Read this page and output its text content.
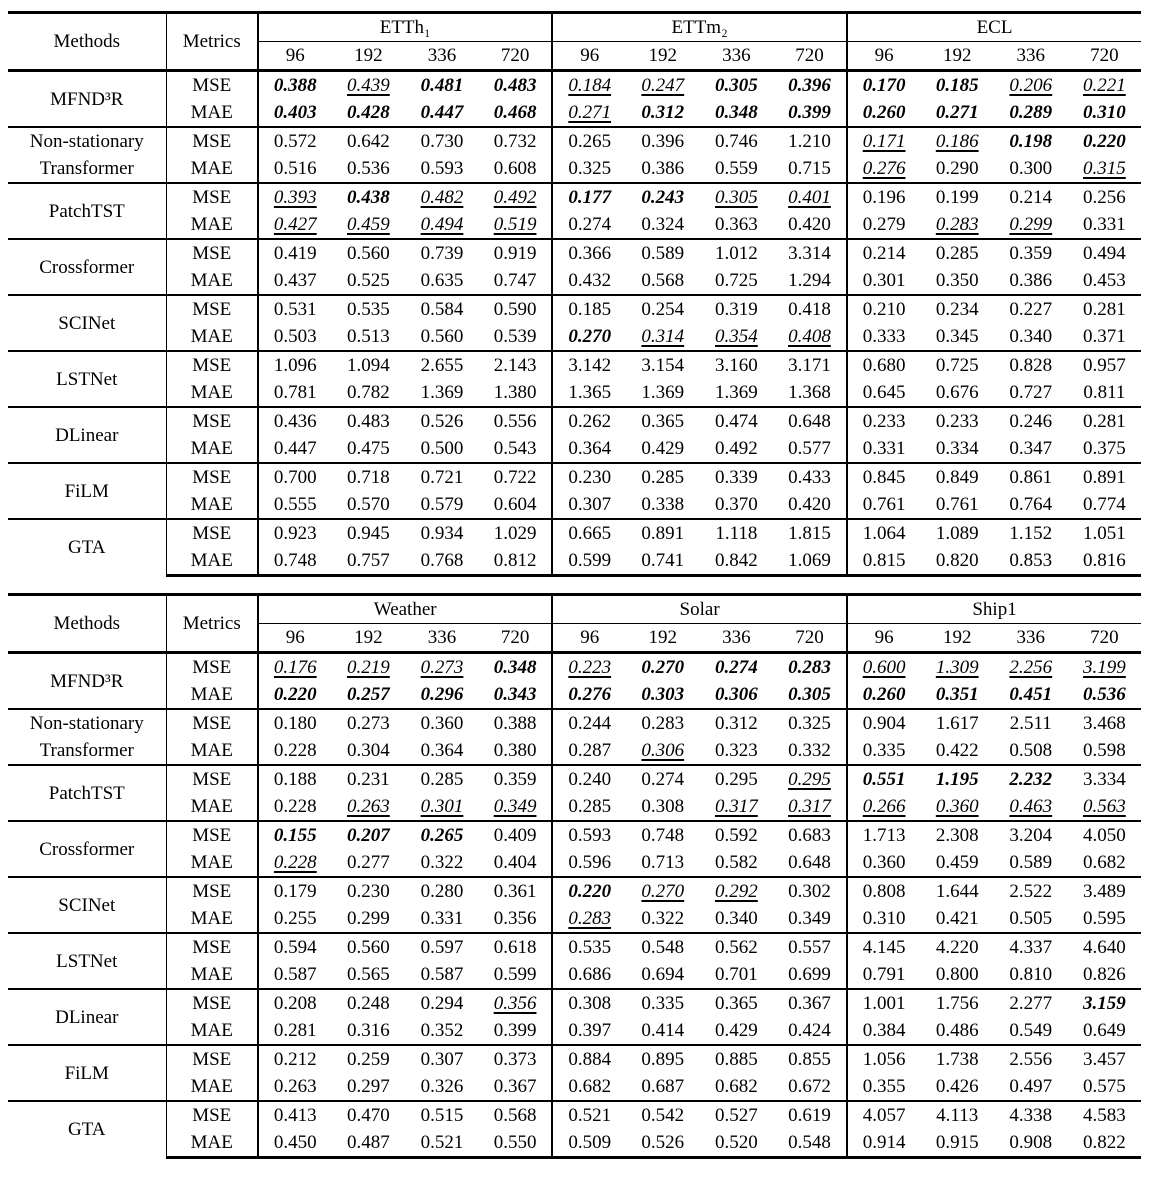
Methods	Metrics	ETTh₁				ETTm₂				ECL			
		96	192	336	720	96	192	336	720	96	192	336	720
MFND³R	MSE	0.388	0.439	0.481	0.483	0.184	0.247	0.305	0.396	0.170	0.185	0.206	0.221
	MAE	0.403	0.428	0.447	0.468	0.271	0.312	0.348	0.399	0.260	0.271	0.289	0.310
Non-stationary Transformer	MSE	0.572	0.642	0.730	0.732	0.265	0.396	0.746	1.210	0.171	0.186	0.198	0.220
	MAE	0.516	0.536	0.593	0.608	0.325	0.386	0.559	0.715	0.276	0.290	0.300	0.315
PatchTST	MSE	0.393	0.438	0.482	0.492	0.177	0.243	0.305	0.401	0.196	0.199	0.214	0.256
	MAE	0.427	0.459	0.494	0.519	0.274	0.324	0.363	0.420	0.279	0.283	0.299	0.331
Crossformer	MSE	0.419	0.560	0.739	0.919	0.366	0.589	1.012	3.314	0.214	0.285	0.359	0.494
	MAE	0.437	0.525	0.635	0.747	0.432	0.568	0.725	1.294	0.301	0.350	0.386	0.453
SCINet	MSE	0.531	0.535	0.584	0.590	0.185	0.254	0.319	0.418	0.210	0.234	0.227	0.281
	MAE	0.503	0.513	0.560	0.539	0.270	0.314	0.354	0.408	0.333	0.345	0.340	0.371
LSTNet	MSE	1.096	1.094	2.655	2.143	3.142	3.154	3.160	3.171	0.680	0.725	0.828	0.957
	MAE	0.781	0.782	1.369	1.380	1.365	1.369	1.369	1.368	0.645	0.676	0.727	0.811
DLinear	MSE	0.436	0.483	0.526	0.556	0.262	0.365	0.474	0.648	0.233	0.233	0.246	0.281
	MAE	0.447	0.475	0.500	0.543	0.364	0.429	0.492	0.577	0.331	0.334	0.347	0.375
FiLM	MSE	0.700	0.718	0.721	0.722	0.230	0.285	0.339	0.433	0.845	0.849	0.861	0.891
	MAE	0.555	0.570	0.579	0.604	0.307	0.338	0.370	0.420	0.761	0.761	0.764	0.774
GTA	MSE	0.923	0.945	0.934	1.029	0.665	0.891	1.118	1.815	1.064	1.089	1.152	1.051
	MAE	0.748	0.757	0.768	0.812	0.599	0.741	0.842	1.069	0.815	0.820	0.853	0.816
Methods	Metrics	Weather				Solar				Ship1			
		96	192	336	720	96	192	336	720	96	192	336	720
MFND³R	MSE	0.176	0.219	0.273	0.348	0.223	0.270	0.274	0.283	0.600	1.309	2.256	3.199
	MAE	0.220	0.257	0.296	0.343	0.276	0.303	0.306	0.305	0.260	0.351	0.451	0.536
Non-stationary Transformer	MSE	0.180	0.273	0.360	0.388	0.244	0.283	0.312	0.325	0.904	1.617	2.511	3.468
	MAE	0.228	0.304	0.364	0.380	0.287	0.306	0.323	0.332	0.335	0.422	0.508	0.598
PatchTST	MSE	0.188	0.231	0.285	0.359	0.240	0.274	0.295	0.295	0.551	1.195	2.232	3.334
	MAE	0.228	0.263	0.301	0.349	0.285	0.308	0.317	0.317	0.266	0.360	0.463	0.563
Crossformer	MSE	0.155	0.207	0.265	0.409	0.593	0.748	0.592	0.683	1.713	2.308	3.204	4.050
	MAE	0.228	0.277	0.322	0.404	0.596	0.713	0.582	0.648	0.360	0.459	0.589	0.682
SCINet	MSE	0.179	0.230	0.280	0.361	0.220	0.270	0.292	0.302	0.808	1.644	2.522	3.489
	MAE	0.255	0.299	0.331	0.356	0.283	0.322	0.340	0.349	0.310	0.421	0.505	0.595
LSTNet	MSE	0.594	0.560	0.597	0.618	0.535	0.548	0.562	0.557	4.145	4.220	4.337	4.640
	MAE	0.587	0.565	0.587	0.599	0.686	0.694	0.701	0.699	0.791	0.800	0.810	0.826
DLinear	MSE	0.208	0.248	0.294	0.356	0.308	0.335	0.365	0.367	1.001	1.756	2.277	3.159
	MAE	0.281	0.316	0.352	0.399	0.397	0.414	0.429	0.424	0.384	0.486	0.549	0.649
FiLM	MSE	0.212	0.259	0.307	0.373	0.884	0.895	0.885	0.855	1.056	1.738	2.556	3.457
	MAE	0.263	0.297	0.326	0.367	0.682	0.687	0.682	0.672	0.355	0.426	0.497	0.575
GTA	MSE	0.413	0.470	0.515	0.568	0.521	0.542	0.527	0.619	4.057	4.113	4.338	4.583
	MAE	0.450	0.487	0.521	0.550	0.509	0.526	0.520	0.548	0.914	0.915	0.908	0.822
